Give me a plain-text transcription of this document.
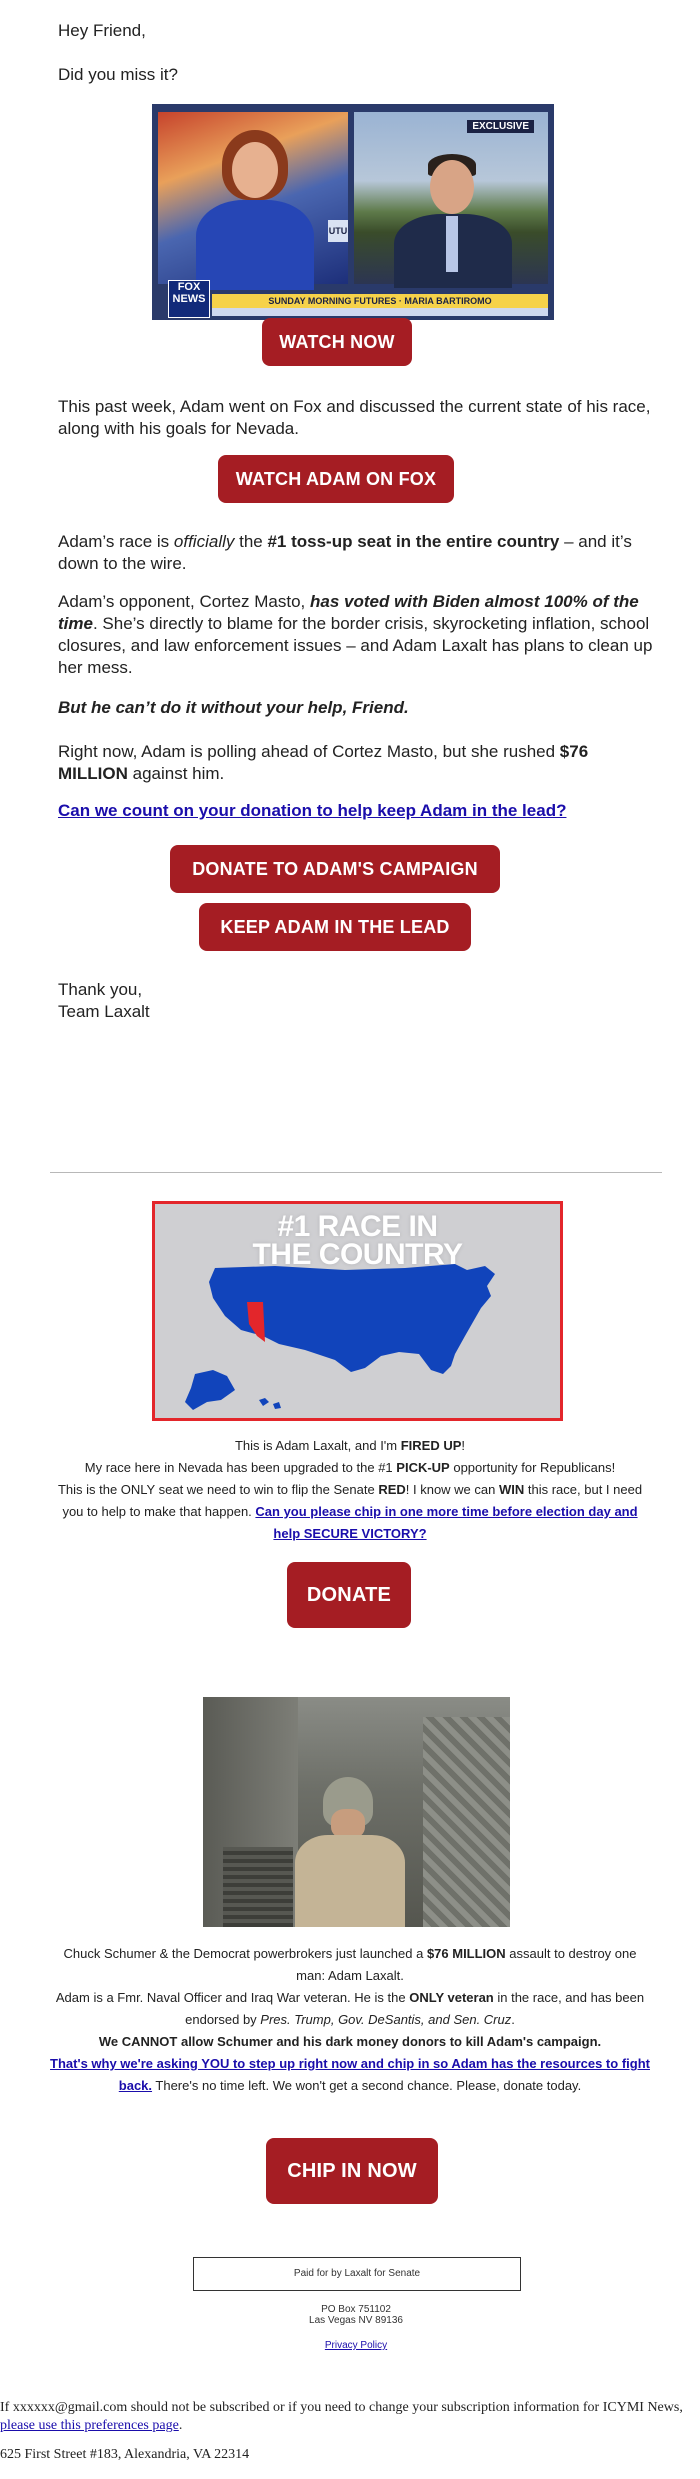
Hey Friend,

Did you miss it?

UTU
EXCLUSIVE
FOX NEWS	SUNDAY MORNING FUTURES · MARIA BARTIROMO
WATCH NOW

This past week, Adam went on Fox and discussed the current state of his race, along with his goals for Nevada.

WATCH ADAM ON FOX

Adam’s race is officially the #1 toss-up seat in the entire country – and it’s down to the wire.

Adam’s opponent, Cortez Masto, has voted with Biden almost 100% of the time. She’s directly to blame for the border crisis, skyrocketing inflation, school closures, and law enforcement issues – and Adam Laxalt has plans to clean up her mess.

But he can’t do it without your help, Friend.

Right now, Adam is polling ahead of Cortez Masto, but she rushed $76 MILLION against him.

Can we count on your donation to help keep Adam in the lead?

DONATE TO ADAM'S CAMPAIGN
KEEP ADAM IN THE LEAD

Thank you,

Team Laxalt

#1 RACE IN
THE COUNTRY
This is Adam Laxalt, and I'm FIRED UP!
My race here in Nevada has been upgraded to the #1 PICK-UP opportunity for Republicans!
This is the ONLY seat we need to win to flip the Senate RED! I know we can WIN this race, but I need you to help to make that happen. Can you please chip in one more time before election day and help SECURE VICTORY?
DONATE
Chuck Schumer & the Democrat powerbrokers just launched a $76 MILLION assault to destroy one man: Adam Laxalt.
Adam is a Fmr. Naval Officer and Iraq War veteran. He is the ONLY veteran in the race, and has been endorsed by Pres. Trump, Gov. DeSantis, and Sen. Cruz.
We CANNOT allow Schumer and his dark money donors to kill Adam's campaign.
That's why we're asking YOU to step up right now and chip in so Adam has the resources to fight back. There's no time left. We won't get a second chance. Please, donate today.
CHIP IN NOW
Paid for by Laxalt for Senate
PO Box 751102
Las Vegas NV 89136
Privacy Policy
If xxxxxx@gmail.com should not be subscribed or if you need to change your subscription information for ICYMI News, please use this preferences page.
625 First Street #183, Alexandria, VA 22314
